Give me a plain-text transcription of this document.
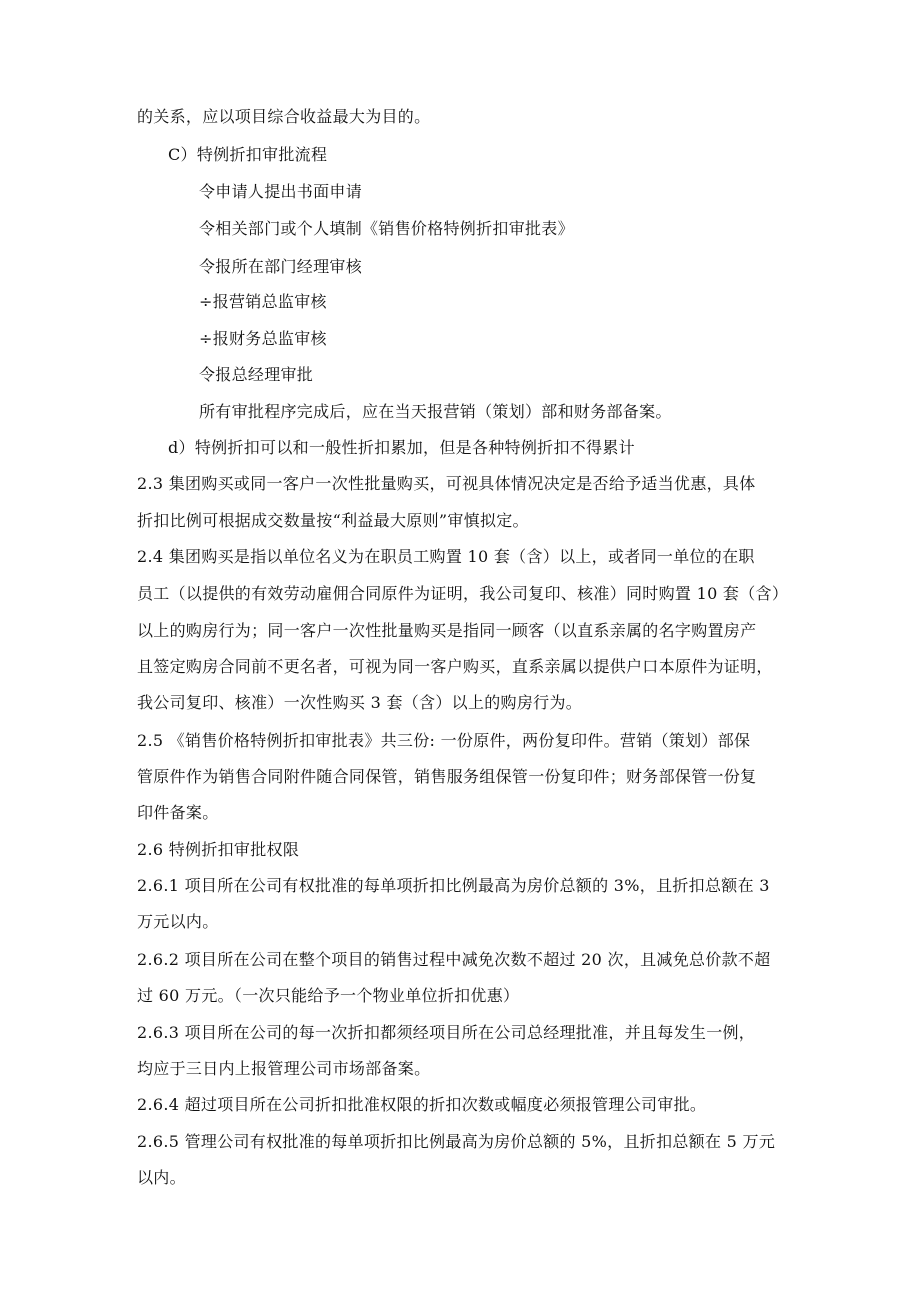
的关系，应以项目综合收益最大为目的。
C）特例折扣审批流程
令申请人提出书面申请
令相关部门或个人填制《销售价格特例折扣审批表》
令报所在部门经理审核
÷报营销总监审核
÷报财务总监审核
令报总经理审批
所有审批程序完成后，应在当天报营销（策划）部和财务部备案。
d）特例折扣可以和一般性折扣累加，但是各种特例折扣不得累计
2.3 集团购买或同一客户一次性批量购买，可视具体情况决定是否给予适当优惠，具体
折扣比例可根据成交数量按“利益最大原则”审慎拟定。
2.4 集团购买是指以单位名义为在职员工购置 10 套（含）以上，或者同一单位的在职
员工（以提供的有效劳动雇佣合同原件为证明，我公司复印、核准）同时购置 10 套（含）
以上的购房行为；同一客户一次性批量购买是指同一顾客（以直系亲属的名字购置房产
且签定购房合同前不更名者，可视为同一客户购买，直系亲属以提供户口本原件为证明，
我公司复印、核准）一次性购买 3 套（含）以上的购房行为。
2.5 《销售价格特例折扣审批表》共三份: 一份原件，两份复印件。营销（策划）部保
管原件作为销售合同附件随合同保管，销售服务组保管一份复印件；财务部保管一份复
印件备案。
2.6 特例折扣审批权限
2.6.1 项目所在公司有权批准的每单项折扣比例最高为房价总额的 3%，且折扣总额在 3
万元以内。
2.6.2 项目所在公司在整个项目的销售过程中减免次数不超过 20 次，且减免总价款不超
过 60 万元。（一次只能给予一个物业单位折扣优惠）
2.6.3 项目所在公司的每一次折扣都须经项目所在公司总经理批准，并且每发生一例，
均应于三日内上报管理公司市场部备案。
2.6.4 超过项目所在公司折扣批准权限的折扣次数或幅度必须报管理公司审批。
2.6.5 管理公司有权批准的每单项折扣比例最高为房价总额的 5%，且折扣总额在 5 万元
以内。
